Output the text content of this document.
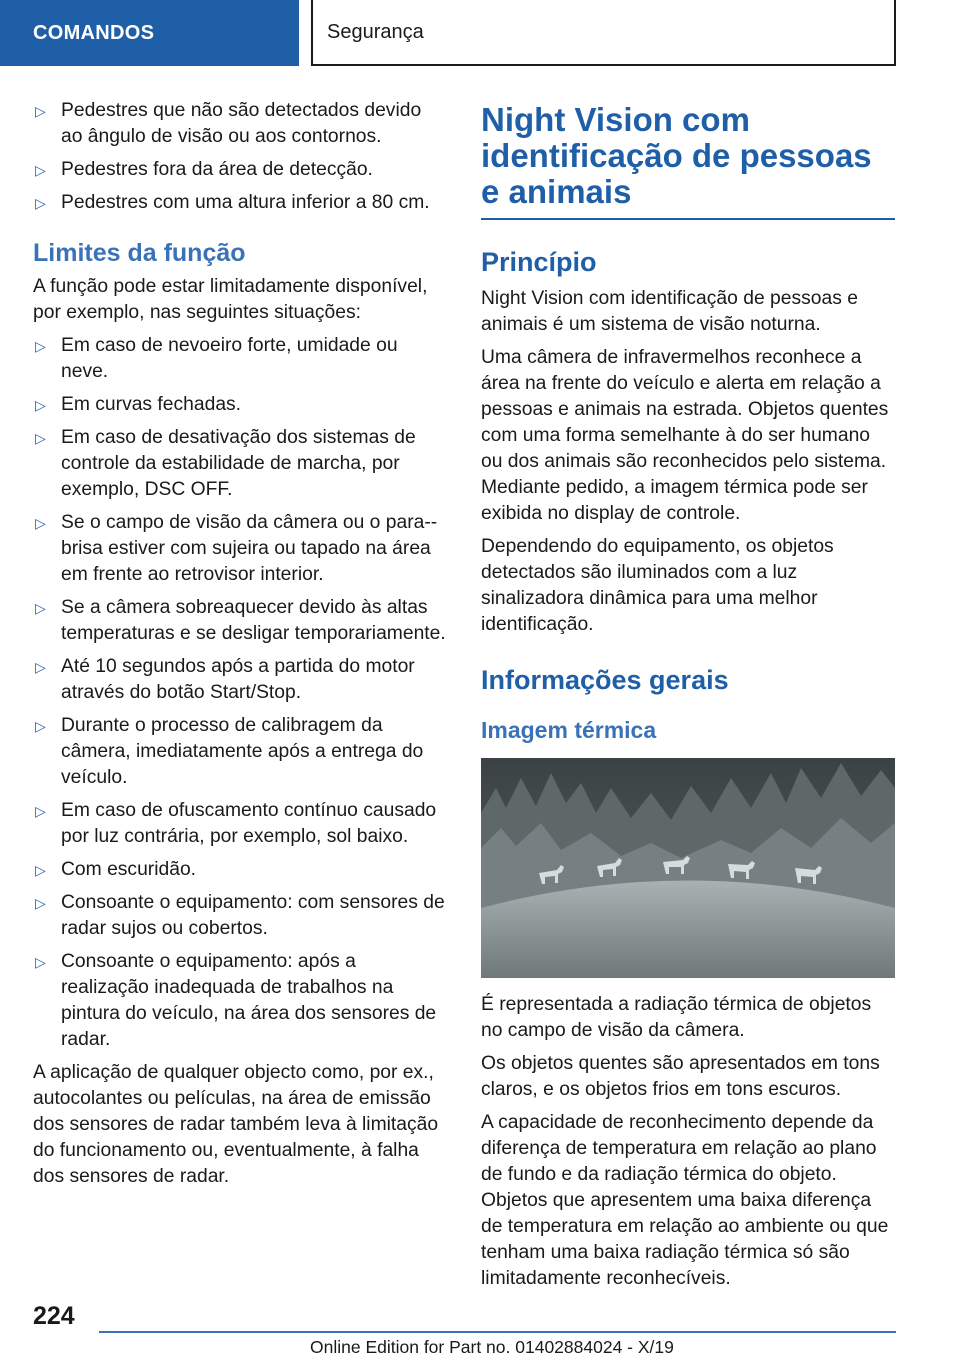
COMANDOS	Segurança
▷ Pedestres que não são detectados devido ao ângulo de visão ou aos contornos.
▷ Pedestres fora da área de detecção.
▷ Pedestres com uma altura inferior a 80 cm.
Limites da função

A função pode estar limitadamente disponível, por exemplo, nas seguintes situações:

▷ Em caso de nevoeiro forte, umidade ou neve.
▷ Em curvas fechadas.
▷ Em caso de desativação dos sistemas de controle da estabilidade de marcha, por exemplo, DSC OFF.
▷ Se o campo de visão da câmera ou o para--brisa estiver com sujeira ou tapado na área em frente ao retrovisor interior.
▷ Se a câmera sobreaquecer devido às altas temperaturas e se desligar temporariamente.
▷ Até 10 segundos após a partida do motor através do botão Start/Stop.
▷ Durante o processo de calibragem da câmera, imediatamente após a entrega do veículo.
▷ Em caso de ofuscamento contínuo causado por luz contrária, por exemplo, sol baixo.
▷ Com escuridão.
▷ Consoante o equipamento: com sensores de radar sujos ou cobertos.
▷ Consoante o equipamento: após a realização inadequada de trabalhos na pintura do veículo, na área dos sensores de radar.

A aplicação de qualquer objecto como, por ex., autocolantes ou películas, na área de emissão dos sensores de radar também leva à limitação do funcionamento ou, eventualmente, à falha dos sensores de radar.

Night Vision com identificação de pessoas e animais
Princípio

Night Vision com identificação de pessoas e animais é um sistema de visão noturna.

Uma câmera de infravermelhos reconhece a área na frente do veículo e alerta em relação a pessoas e animais na estrada. Objetos quentes com uma forma semelhante à do ser humano ou dos animais são reconhecidos pelo sistema. Mediante pedido, a imagem térmica pode ser exibida no display de controle.

Dependendo do equipamento, os objetos detectados são iluminados com a luz sinalizadora dinâmica para uma melhor identificação.

Informações gerais
Imagem térmica

É representada a radiação térmica de objetos no campo de visão da câmera.

Os objetos quentes são apresentados em tons claros, e os objetos frios em tons escuros.

A capacidade de reconhecimento depende da diferença de temperatura em relação ao plano de fundo e da radiação térmica do objeto. Objetos que apresentem uma baixa diferença de temperatura em relação ao ambiente ou que tenham uma baixa radiação térmica só são limitadamente reconhecíveis.

224
Online Edition for Part no. 01402884024 - X/19
